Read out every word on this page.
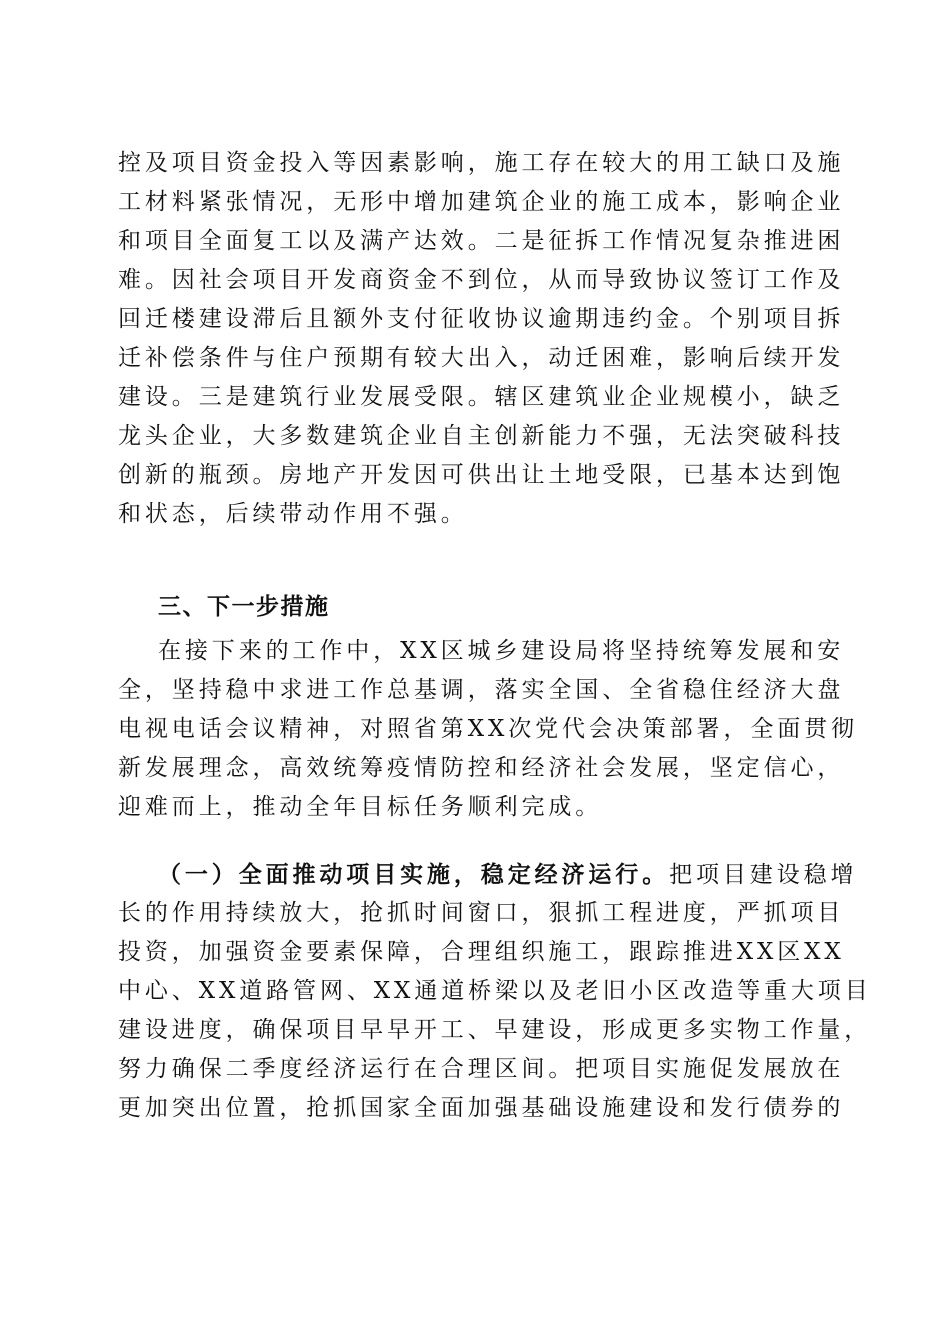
控及项目资金投入等因素影响，施工存在较大的用工缺口及施
工材料紧张情况，无形中增加建筑企业的施工成本，影响企业
和项目全面复工以及满产达效。二是征拆工作情况复杂推进困
难。因社会项目开发商资金不到位，从而导致协议签订工作及
回迁楼建设滞后且额外支付征收协议逾期违约金。个别项目拆
迁补偿条件与住户预期有较大出入，动迁困难，影响后续开发
建设。三是建筑行业发展受限。辖区建筑业企业规模小，缺乏
龙头企业，大多数建筑企业自主创新能力不强，无法突破科技
创新的瓶颈。房地产开发因可供出让土地受限，已基本达到饱
和状态，后续带动作用不强。
三、下一步措施
在接下来的工作中，XX区城乡建设局将坚持统筹发展和安
全，坚持稳中求进工作总基调，落实全国、全省稳住经济大盘
电视电话会议精神，对照省第XX次党代会决策部署，全面贯彻
新发展理念，高效统筹疫情防控和经济社会发展，坚定信心，
迎难而上，推动全年目标任务顺利完成。
（一）全面推动项目实施，稳定经济运行。把项目建设稳增
长的作用持续放大，抢抓时间窗口，狠抓工程进度，严抓项目
投资，加强资金要素保障，合理组织施工，跟踪推进XX区XX
中心、XX道路管网、XX通道桥梁以及老旧小区改造等重大项目
建设进度，确保项目早早开工、早建设，形成更多实物工作量，
努力确保二季度经济运行在合理区间。把项目实施促发展放在
更加突出位置，抢抓国家全面加强基础设施建设和发行债券的
